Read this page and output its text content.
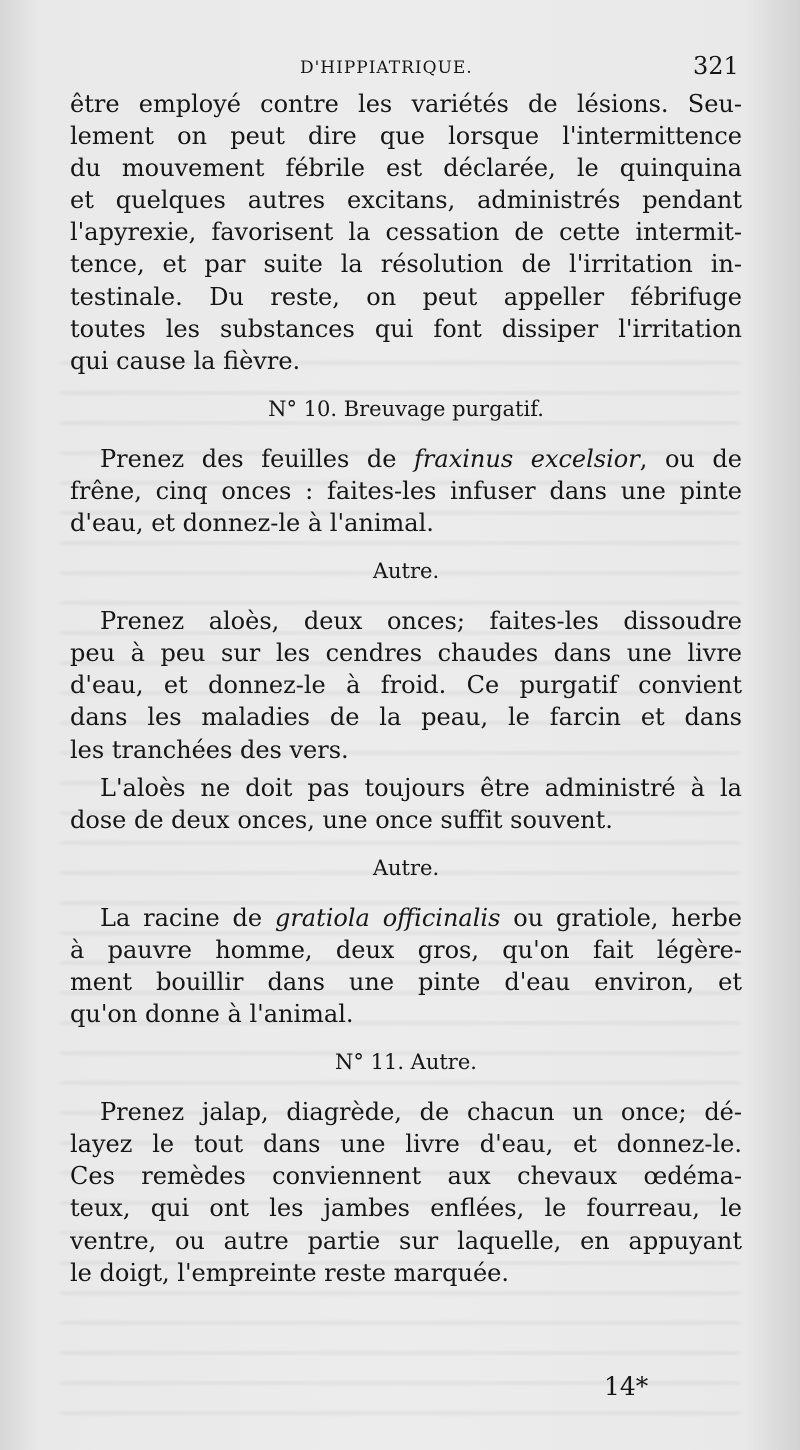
D'HIPPIATRIQUE.	321

être employé contre les variétés de lésions. Seu-

lement on peut dire que lorsque l'intermittence

du mouvement fébrile est déclarée, le quinquina

et quelques autres excitans, administrés pendant

l'apyrexie, favorisent la cessation de cette intermit-

tence, et par suite la résolution de l'irritation in-

testinale. Du reste, on peut appeller fébrifuge

toutes les substances qui font dissiper l'irritation

qui cause la fièvre.

N° 10. Breuvage purgatif.

Prenez des feuilles de fraxinus excelsior, ou de

frêne, cinq onces : faites-les infuser dans une pinte

d'eau, et donnez-le à l'animal.

Autre.

Prenez aloès, deux onces; faites-les dissoudre

peu à peu sur les cendres chaudes dans une livre

d'eau, et donnez-le à froid. Ce purgatif convient

dans les maladies de la peau, le farcin et dans

les tranchées des vers.

L'aloès ne doit pas toujours être administré à la

dose de deux onces, une once suffit souvent.

Autre.

La racine de gratiola officinalis ou gratiole, herbe

à pauvre homme, deux gros, qu'on fait légère-

ment bouillir dans une pinte d'eau environ, et

qu'on donne à l'animal.

N° 11. Autre.

Prenez jalap, diagrède, de chacun un once; dé-

layez le tout dans une livre d'eau, et donnez-le.

Ces remèdes conviennent aux chevaux œdéma-

teux, qui ont les jambes enflées, le fourreau, le

ventre, ou autre partie sur laquelle, en appuyant

le doigt, l'empreinte reste marquée.

14*
